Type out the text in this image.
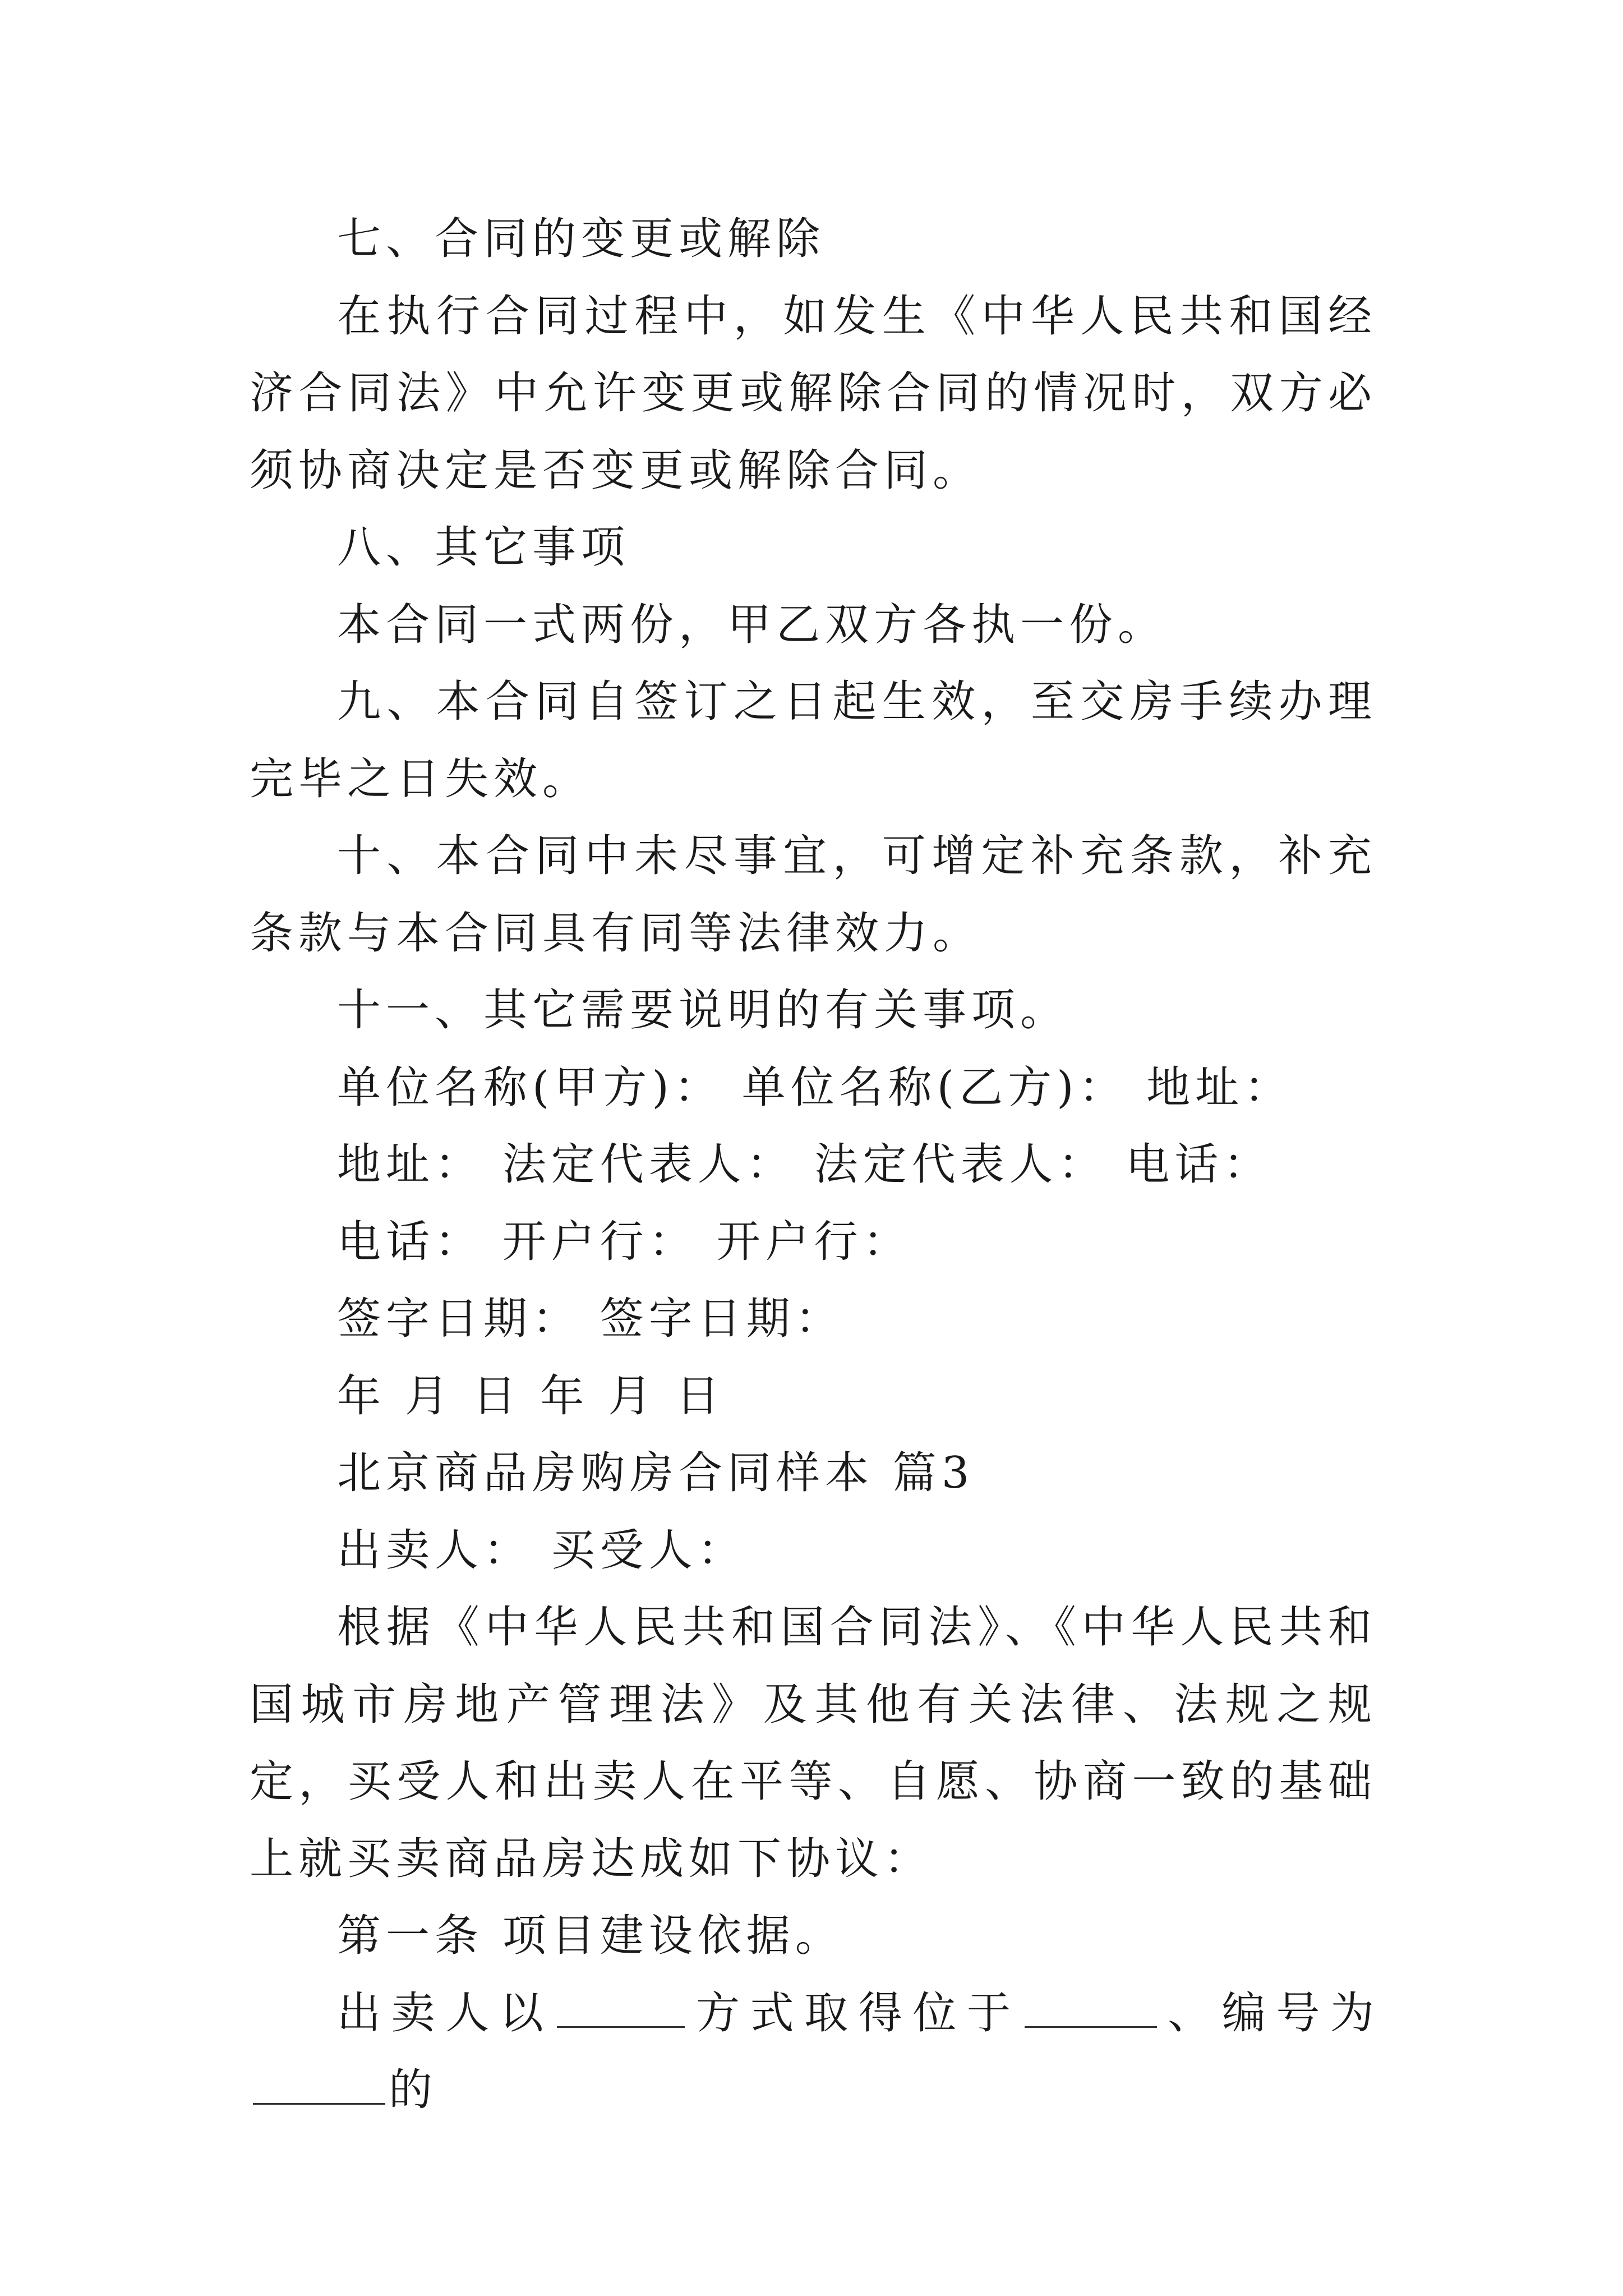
七、合同的变更或解除

在执行合同过程中，如发生《中华人民共和国经济合同法》中允许变更或解除合同的情况时，双方必须协商决定是否变更或解除合同。

八、其它事项

本合同一式两份，甲乙双方各执一份。

九、本合同自签订之日起生效，至交房手续办理完毕之日失效。

十、本合同中未尽事宜，可增定补充条款，补充条款与本合同具有同等法律效力。

十一、其它需要说明的有关事项。

单位名称(甲方)： 单位名称(乙方)： 地址：

地址： 法定代表人： 法定代表人： 电话：

电话： 开户行： 开户行：

签字日期： 签字日期：

年 月 日 年 月 日

北京商品房购房合同样本 篇3

出卖人： 买受人：

根据《中华人民共和国合同法》、《中华人民共和国城市房地产管理法》及其他有关法律、法规之规定，买受人和出卖人在平等、自愿、协商一致的基础上就买卖商品房达成如下协议：

第一条 项目建设依据。

出卖人以	方式取得位于	、编号为的
